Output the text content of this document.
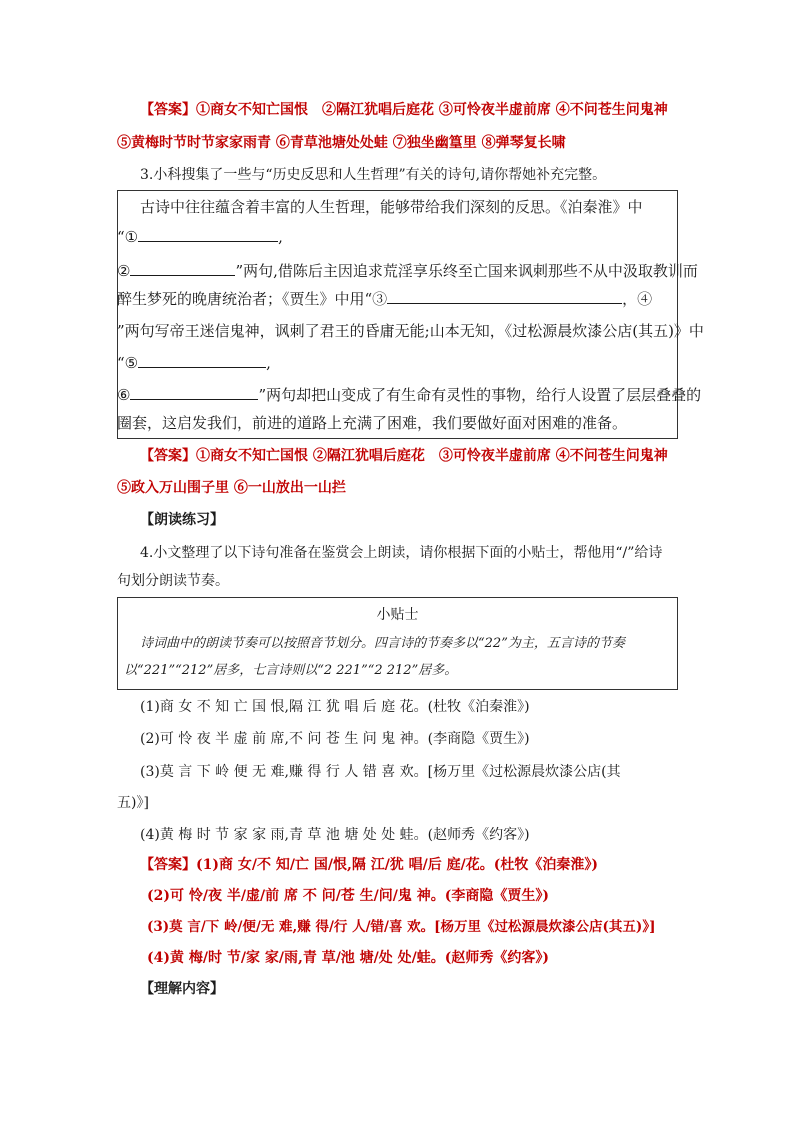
【答案】①商女不知亡国恨　②隔江犹唱后庭花 ③可怜夜半虚前席 ④不问苍生问鬼神
⑤黄梅时节时节家家雨青 ⑥青草池塘处处蛙 ⑦独坐幽篁里 ⑧弹琴复长啸
3.小科搜集了一些与“历史反思和人生哲理”有关的诗句,请你帮她补充完整。
古诗中往往蕴含着丰富的人生哲理，能够带给我们深刻的反思。《泊秦淮》中
“①	,
②	”两句,借陈后主因追求荒淫享乐终至亡国来讽刺那些不从中汲取教训而
醉生梦死的晚唐统治者；《贾生》中用“③	，④
”两句写帝王迷信鬼神，讽刺了君王的昏庸无能;山本无知，《过松源晨炊漆公店(其五)》中
“⑤	,
⑥	”两句却把山变成了有生命有灵性的事物，给行人设置了层层叠叠的
圈套，这启发我们，前进的道路上充满了困难，我们要做好面对困难的准备。
【答案】①商女不知亡国恨 ②隔江犹唱后庭花　③可怜夜半虚前席 ④不问苍生问鬼神
⑤政入万山围子里 ⑥一山放出一山拦
【朗读练习】
4.小文整理了以下诗句准备在鉴赏会上朗读，请你根据下面的小贴士，帮他用“/”给诗
句划分朗读节奏。
小贴士
诗词曲中的朗读节奏可以按照音节划分。四言诗的节奏多以“22”为主，五言诗的节奏
以“221”“212”居多，七言诗则以“2 221”“2 212”居多。
(1)商 女 不 知 亡 国 恨,隔 江 犹 唱 后 庭 花。(杜牧《泊秦淮》)
(2)可 怜 夜 半 虚 前 席,不 问 苍 生 问 鬼 神。(李商隐《贾生》)
(3)莫 言 下 岭 便 无 难,赚 得 行 人 错 喜 欢。[杨万里《过松源晨炊漆公店(其
五)》]
(4)黄 梅 时 节 家 家 雨,青 草 池 塘 处 处 蛙。(赵师秀《约客》)
【答案】(1)商 女/不 知/亡 国/恨,隔 江/犹 唱/后 庭/花。(杜牧《泊秦淮》)
(2)可 怜/夜 半/虚/前 席 不 问/苍 生/问/鬼 神。(李商隐《贾生》)
(3)莫 言/下 岭/便/无 难,赚 得/行 人/错/喜 欢。[杨万里《过松源晨炊漆公店(其五)》]
(4)黄 梅/时 节/家 家/雨,青 草/池 塘/处 处/蛙。(赵师秀《约客》)
【理解内容】
